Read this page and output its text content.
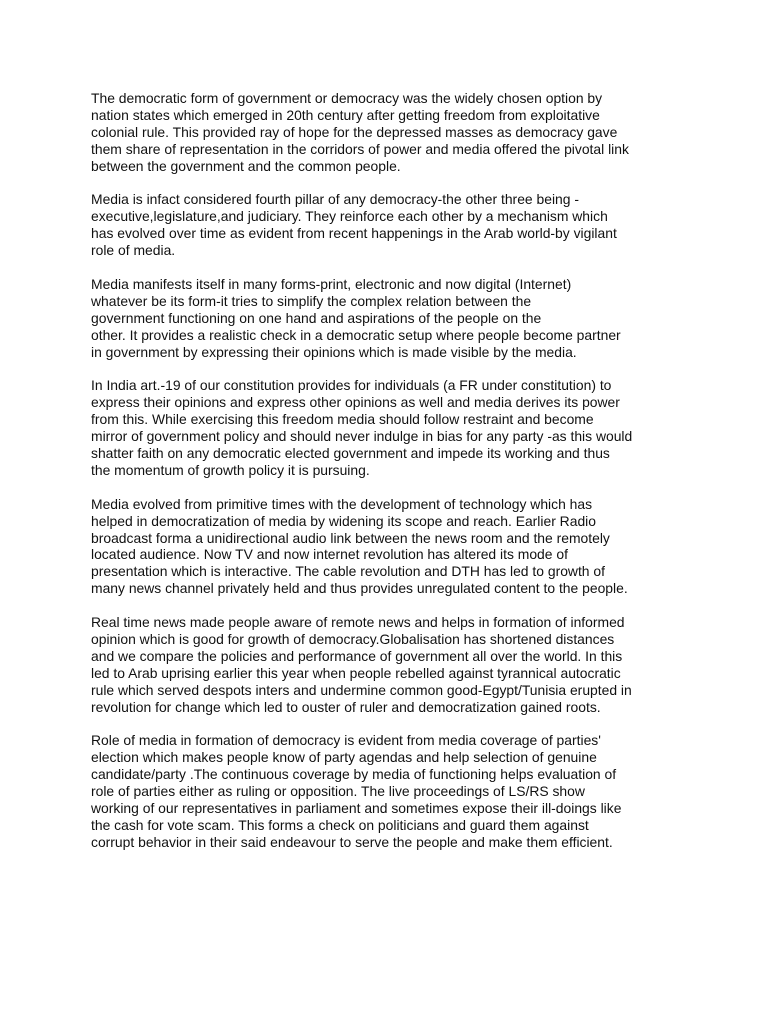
The democratic form of government or democracy was the widely chosen option by
nation states which emerged in 20th century after getting freedom from exploitative
colonial rule. This provided ray of hope for the depressed masses as democracy gave
them share of representation in the corridors of power and media offered the pivotal link
between the government and the common people.

Media is infact considered fourth pillar of any democracy-the other three being -
executive,legislature,and judiciary. They reinforce each other by a mechanism which
has evolved over time as evident from recent happenings in the Arab world-by vigilant
role of media.

Media manifests itself in many forms-print, electronic and now digital (Internet)
whatever be its form-it tries to simplify the complex relation between the
government functioning on one hand and aspirations of the people on the
other. It provides a realistic check in a democratic setup where people become partner
in government by expressing their opinions which is made visible by the media.

In India art.-19 of our constitution provides for individuals (a FR under constitution) to
express their opinions and express other opinions as well and media derives its power
from this. While exercising this freedom media should follow restraint and become
mirror of government policy and should never indulge in bias for any party -as this would
shatter faith on any democratic elected government and impede its working and thus
the momentum of growth policy it is pursuing.

Media evolved from primitive times with the development of technology which has
helped in democratization of media by widening its scope and reach. Earlier Radio
broadcast forma a unidirectional audio link between the news room and the remotely
located audience. Now TV and now internet revolution has altered its mode of
presentation which is interactive. The cable revolution and DTH has led to growth of
many news channel privately held and thus provides unregulated content to the people.

Real time news made people aware of remote news and helps in formation of informed
opinion which is good for growth of democracy.Globalisation has shortened distances
and we compare the policies and performance of government all over the world. In this
led to Arab uprising earlier this year when people rebelled against tyrannical autocratic
rule which served despots inters and undermine common good-Egypt/Tunisia erupted in
revolution for change which led to ouster of ruler and democratization gained roots.

Role of media in formation of democracy is evident from media coverage of parties'
election which makes people know of party agendas and help selection of genuine
candidate/party .The continuous coverage by media of functioning helps evaluation of
role of parties either as ruling or opposition. The live proceedings of LS/RS show
working of our representatives in parliament and sometimes expose their ill-doings like
the cash for vote scam. This forms a check on politicians and guard them against
corrupt behavior in their said endeavour to serve the people and make them efficient.
